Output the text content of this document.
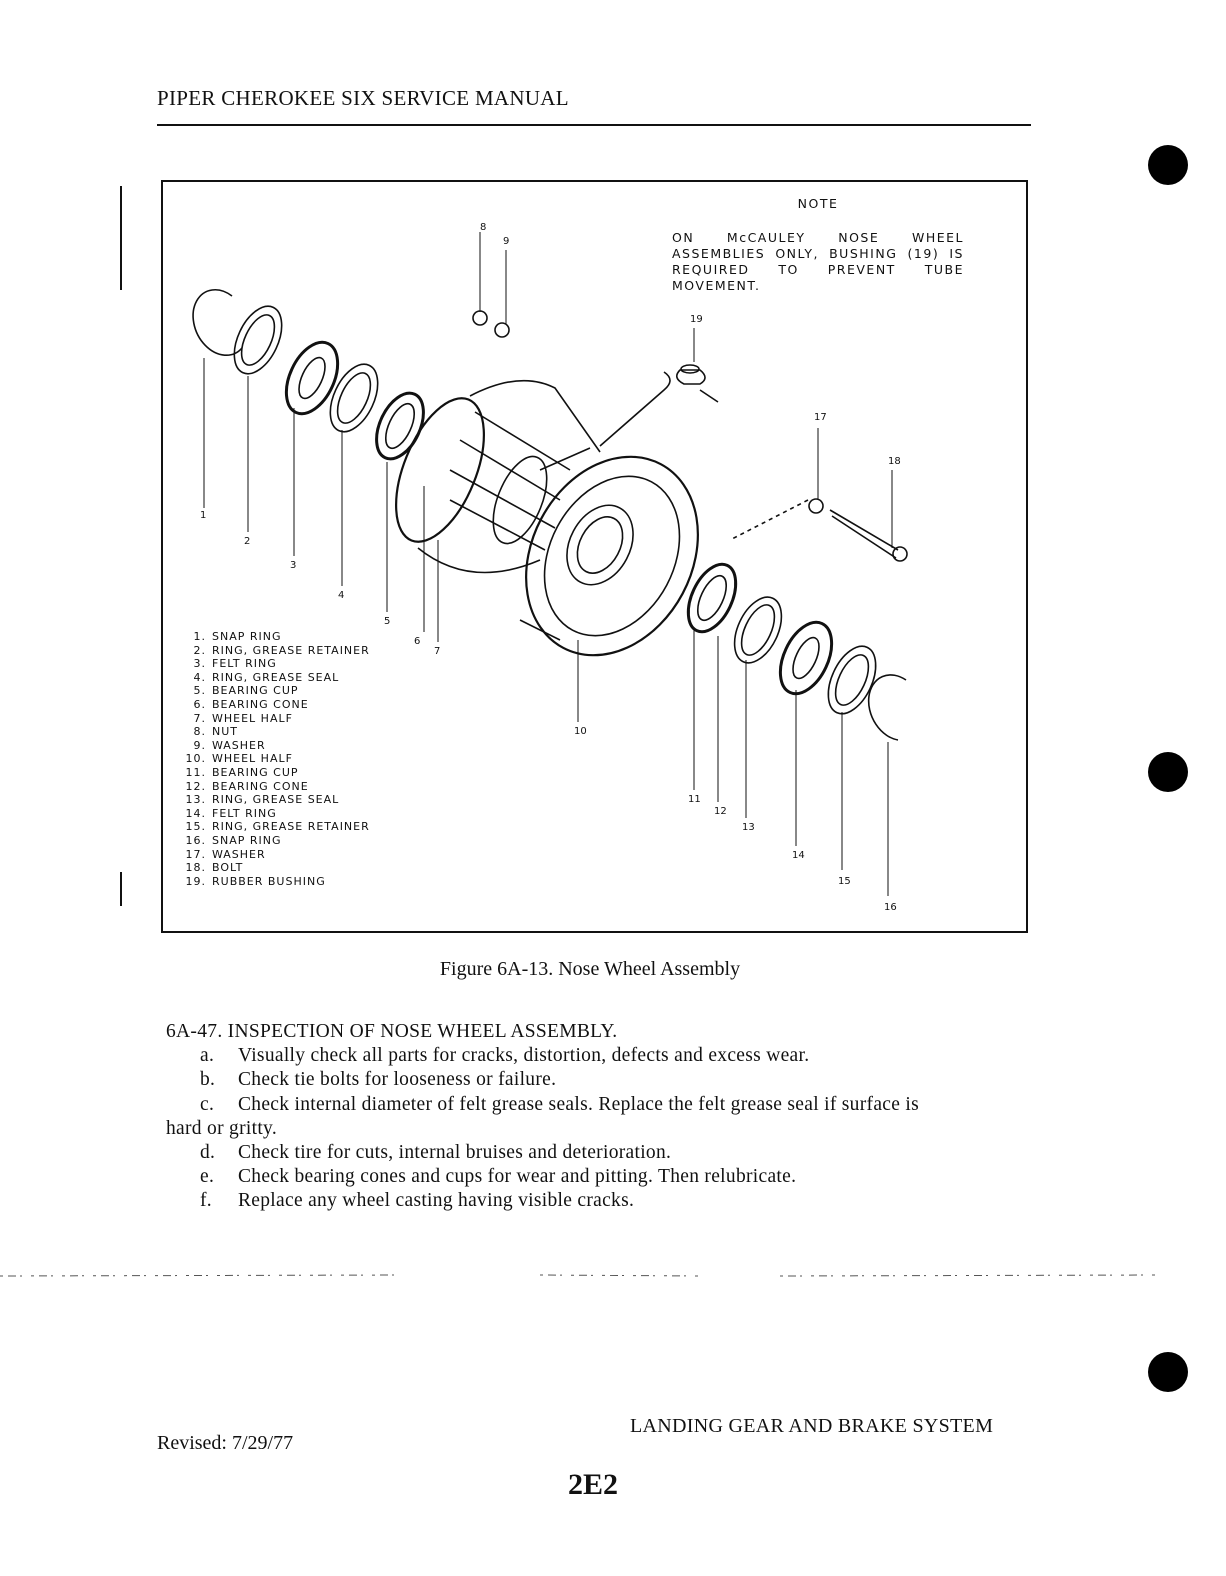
PIPER CHEROKEE SIX SERVICE MANUAL
8
9
19
17
18
1
2
3
4
5
6
7
10
11
12
13
14
15
16
NOTE
ON McCAULEY NOSE WHEEL ASSEMBLIES ONLY, BUSHING (19) IS REQUIRED TO PREVENT TUBE MOVEMENT.
1. SNAP RING
2. RING, GREASE RETAINER
3. FELT RING
4. RING, GREASE SEAL
5. BEARING CUP
6. BEARING CONE
7. WHEEL HALF
8. NUT
9. WASHER
10. WHEEL HALF
11. BEARING CUP
12. BEARING CONE
13. RING, GREASE SEAL
14. FELT RING
15. RING, GREASE RETAINER
16. SNAP RING
17. WASHER
18. BOLT
19. RUBBER BUSHING
Figure 6A-13. Nose Wheel Assembly

6A-47. INSPECTION OF NOSE WHEEL ASSEMBLY.

a. Visually check all parts for cracks, distortion, defects and excess wear.

b. Check tie bolts for looseness or failure.

c. Check internal diameter of felt grease seals. Replace the felt grease seal if surface is

hard or gritty.

d. Check tire for cuts, internal bruises and deterioration.

e. Check bearing cones and cups for wear and pitting. Then relubricate.

f. Replace any wheel casting having visible cracks.

Revised: 7/29/77
LANDING GEAR AND BRAKE SYSTEM
2E2
